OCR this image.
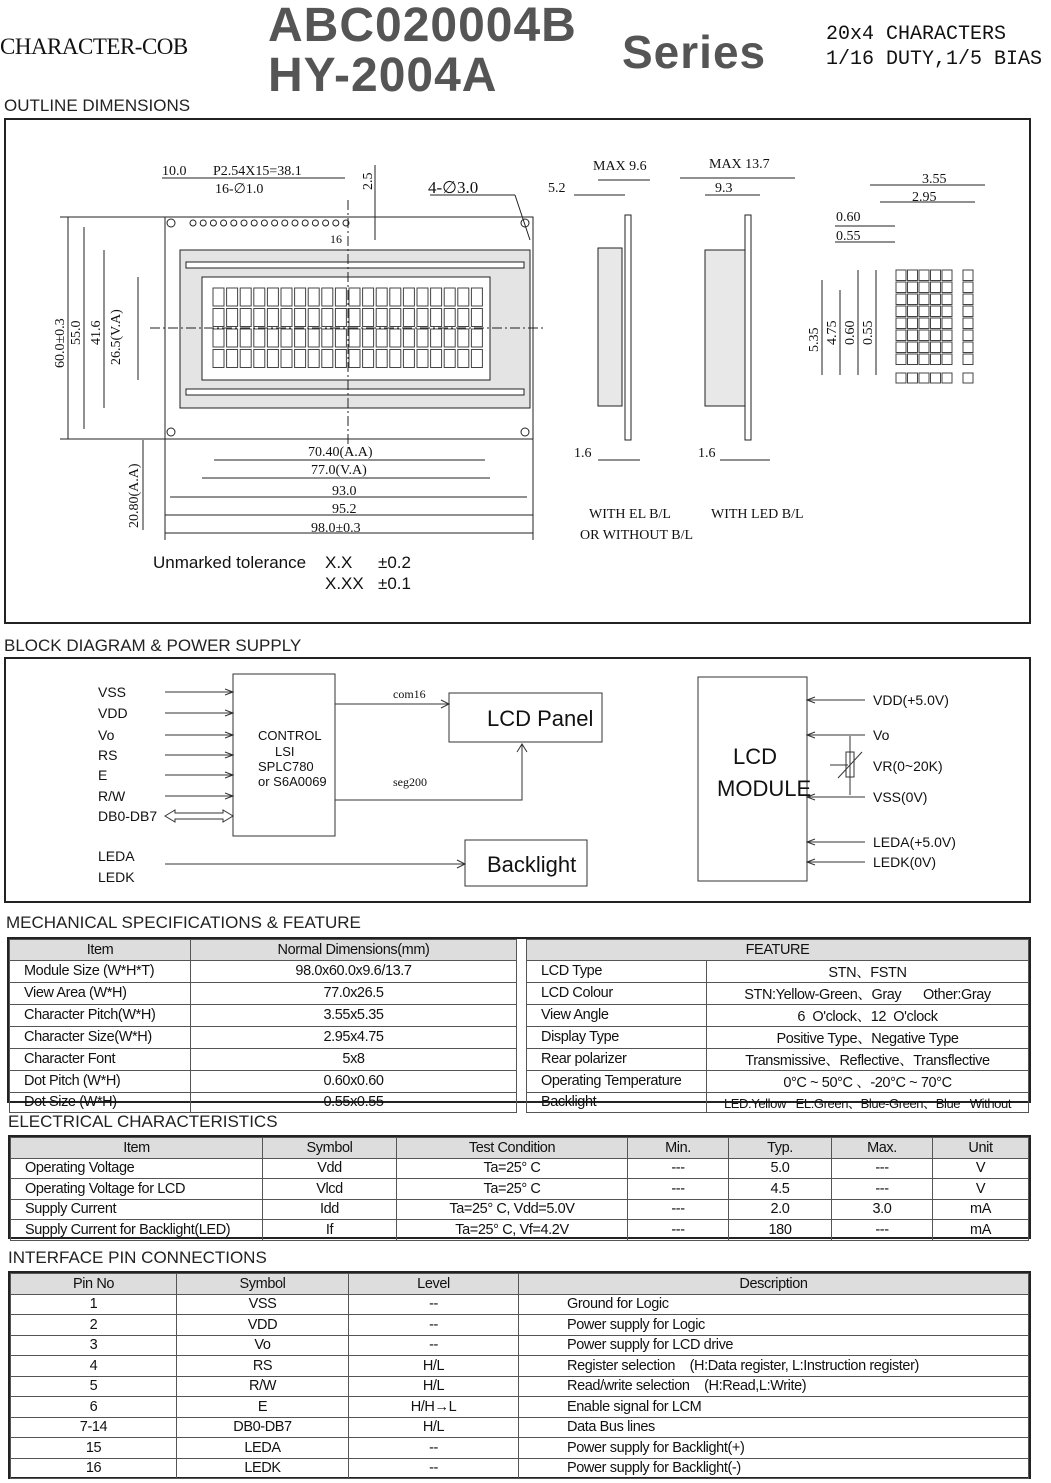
CHARACTER-COB ABC020004B
HY-2004A	Series	20x4 CHARACTERS
1/16 DUTY,1/5 BIAS
OUTLINE DIMENSIONS
10.0 P2.54X15=38.1
16-∅1.0	2.5	4-∅3.0
16
60.0±0.3 55.0 41.6 26.5(V.A)
70.40(A.A)
77.0(V.A)
93.0
95.2
98.0±0.3
20.80(A.A)
MAX 9.6
5.2
1.6
MAX 13.7
9.3
1.6
WITH EL B/L
OR WITHOUT B/L
WITH LED B/L
3.55
2.95
0.60
0.55
5.35 4.75 0.60 0.55
Unmarked tolerance X.X ±0.2
X.XX ±0.1
BLOCK DIAGRAM & POWER SUPPLY
VSS
VDD
Vo
RS
E
R/W
DB0-DB7
LEDA
LEDK
CONTROL
LSI
SPLC780
or S6A0069
com16
seg200
LCD Panel
Backlight
LCD
MODULE
VDD(+5.0V)
Vo
VR(0~20K)
VSS(0V)
LEDA(+5.0V)
LEDK(0V)
MECHANICAL SPECIFICATIONS & FEATURE
Item	Normal Dimensions(mm)		FEATURE	
Module Size (W*H*T)	98.0x60.0x9.6/13.7		LCD Type	STN、FSTN
View Area (W*H)	77.0x26.5		LCD Colour	STN:Yellow-Green、Gray      Other:Gray
Character Pitch(W*H)	3.55x5.35		View Angle	6  O'clock、12  O'clock
Character Size(W*H)	2.95x4.75		Display Type	Positive Type、Negative Type
Character Font	5x8		Rear polarizer	Transmissive、Reflective、Transflective
Dot Pitch (W*H)	0.60x0.60		Operating Temperature	0°C ~ 50°C 、-20°C ~ 70°C
Dot Size (W*H)	0.55x0.55		Backlight	LED:Yellow   EL:Green、Blue-Green、Blue   Without
ELECTRICAL CHARACTERISTICS
Item	Symbol	Test Condition	Min.	Typ.	Max.	Unit
Operating Voltage	Vdd	Ta=25° C	---	5.0	---	V
Operating Voltage for LCD	Vlcd	Ta=25° C	---	4.5	---	V
Supply Current	Idd	Ta=25° C, Vdd=5.0V	---	2.0	3.0	mA
Supply Current for Backlight(LED)	If	Ta=25° C, Vf=4.2V	---	180	---	mA
INTERFACE PIN CONNECTIONS
Pin No	Symbol	Level	Description
1	VSS	--	Ground for Logic
2	VDD	--	Power supply for Logic
3	Vo	--	Power supply for LCD drive
4	RS	H/L	Register selection    (H:Data register, L:Instruction register)
5	R/W	H/L	Read/write selection    (H:Read,L:Write)
6	E	H/H→L	Enable signal for LCM
7-14	DB0-DB7	H/L	Data Bus lines
15	LEDA	--	Power supply for Backlight(+)
16	LEDK	--	Power supply for Backlight(-)
